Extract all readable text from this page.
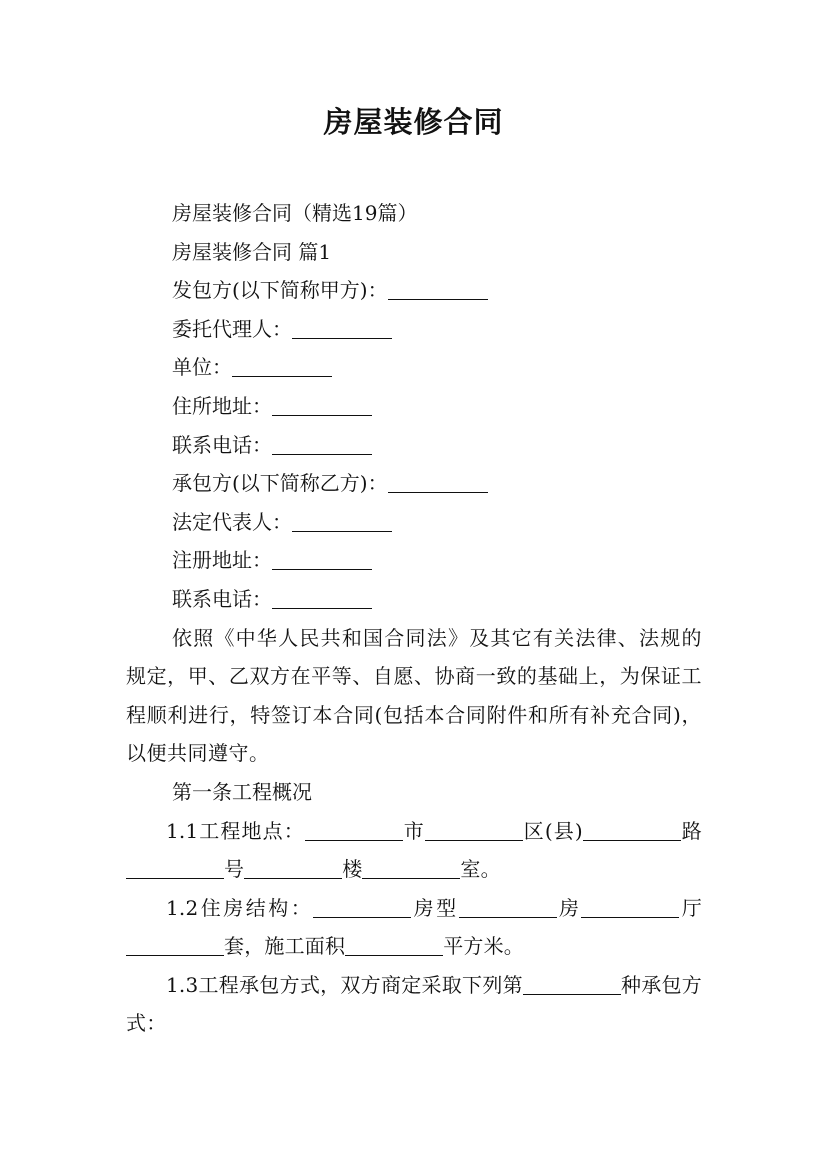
房屋装修合同

房屋装修合同（精选19篇）

房屋装修合同 篇1

发包方(以下简称甲方)：

委托代理人：

单位：

住所地址：

联系电话：

承包方(以下简称乙方)：

法定代表人：

注册地址：

联系电话：

依照《中华人民共和国合同法》及其它有关法律、法规的规定，甲、乙双方在平等、自愿、协商一致的基础上，为保证工程顺利进行，特签订本合同(包括本合同附件和所有补充合同)，以便共同遵守。

第一条工程概况

1.1工程地点：	市	区(县)	路号	楼	室。

1.2住房结构：	房型	房	厅套，施工面积	平方米。

1.3工程承包方式，双方商定采取下列第	种承包方式：
